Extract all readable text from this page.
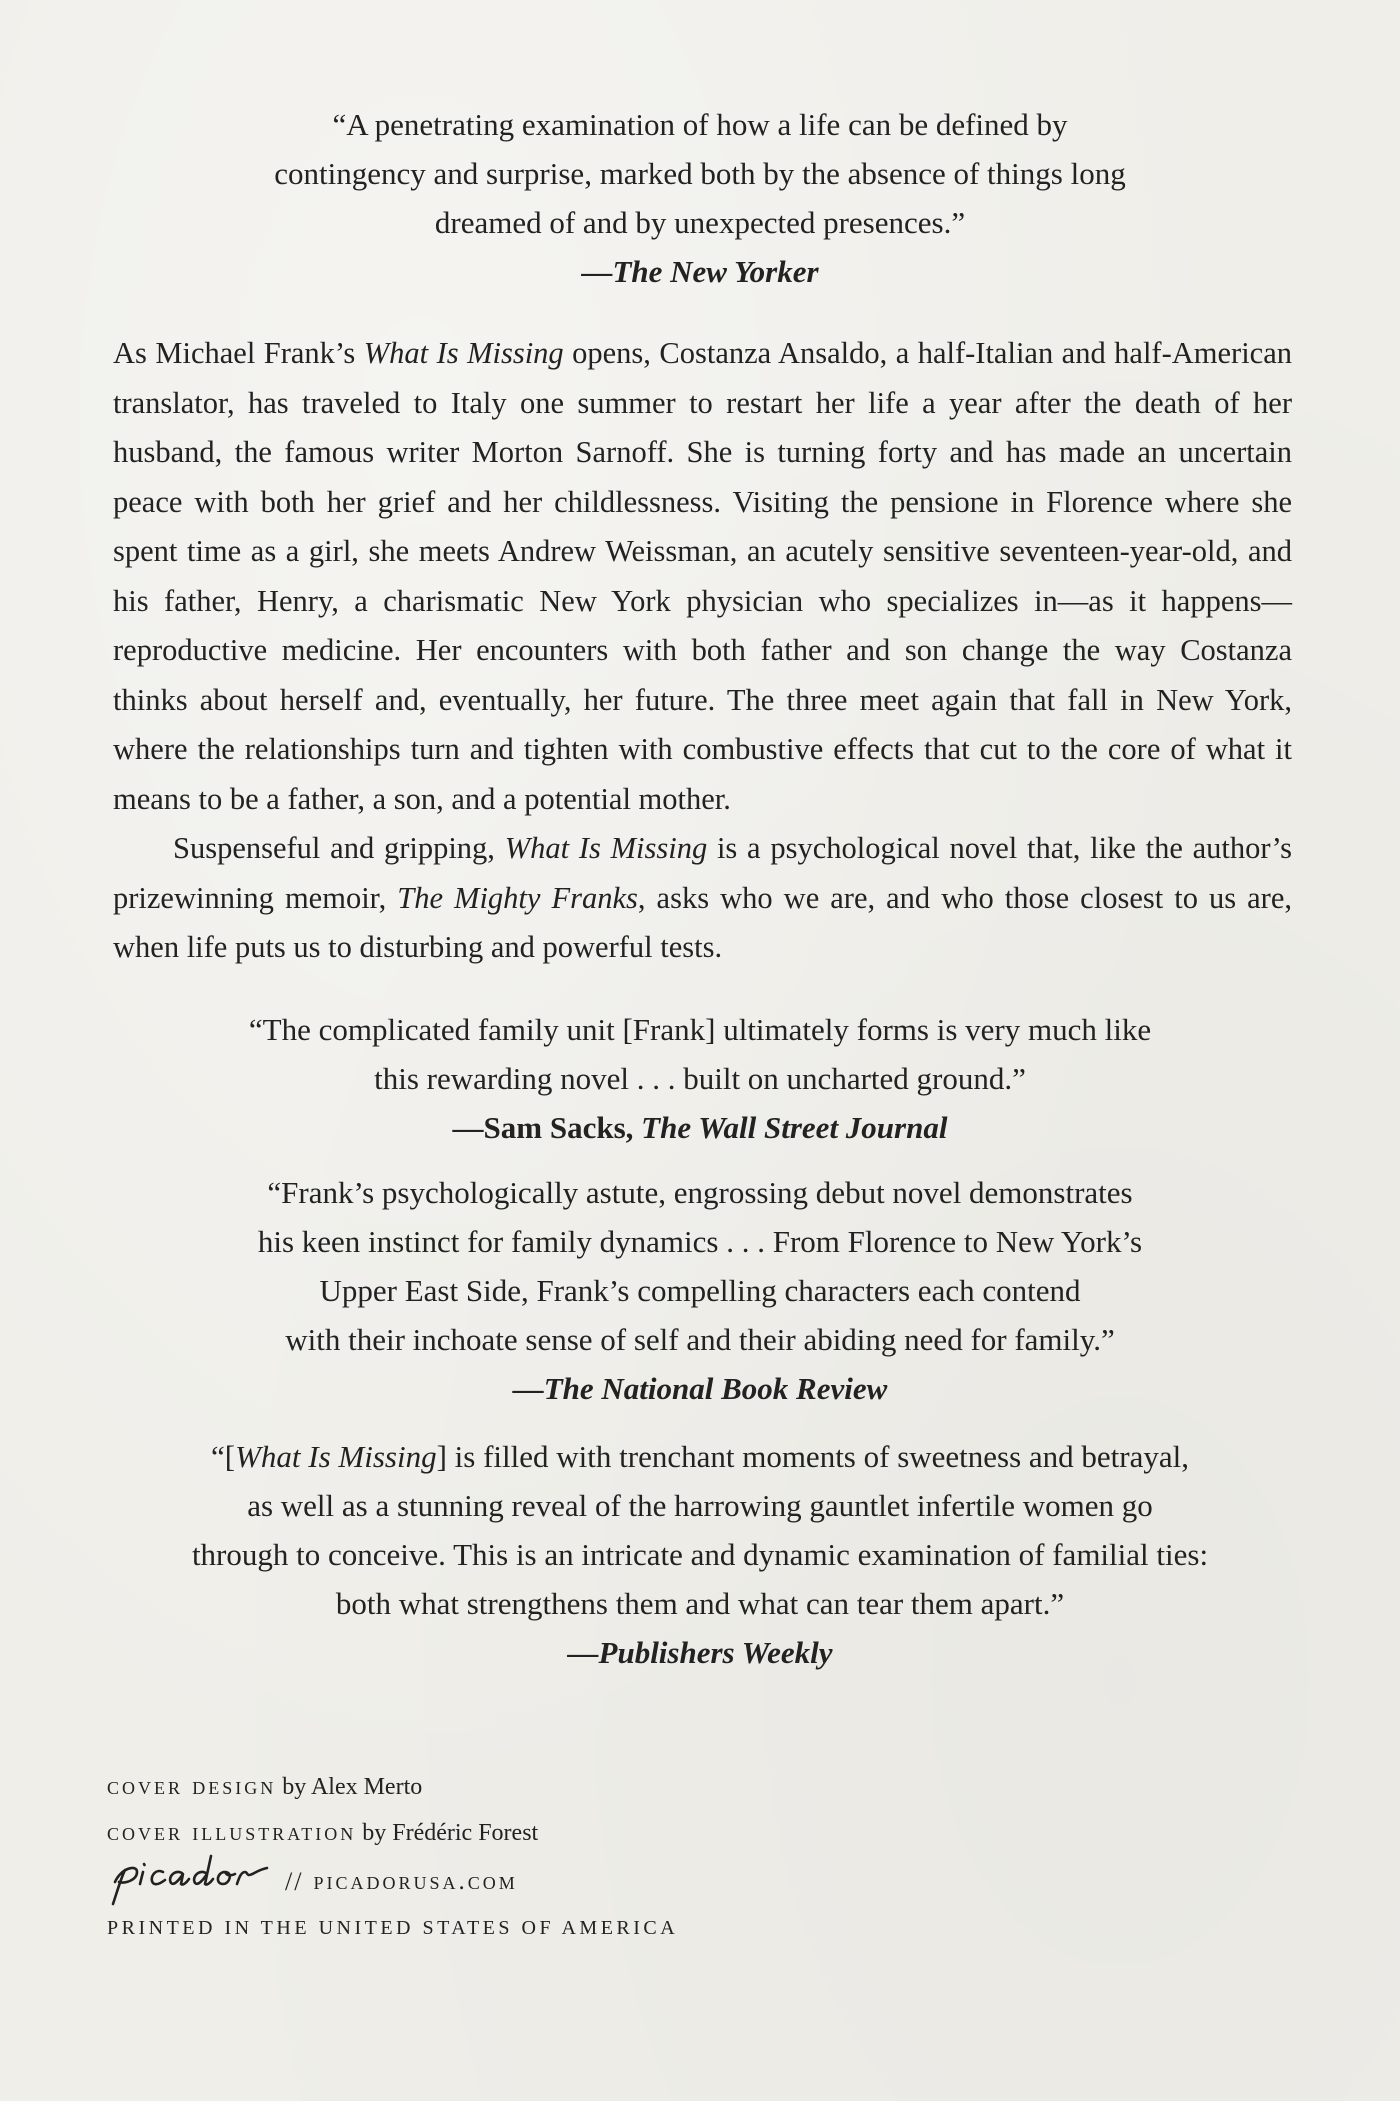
“A penetrating examination of how a life can be defined by
contingency and surprise, marked both by the absence of things long
dreamed of and by unexpected presences.”
—The New Yorker
As Michael Frank’s What Is Missing opens, Costanza Ansaldo, a half-Italian and half-American
translator, has traveled to Italy one summer to restart her life a year after the death of her
husband, the famous writer Morton Sarnoff. She is turning forty and has made an uncertain
peace with both her grief and her childlessness. Visiting the pensione in Florence where she
spent time as a girl, she meets Andrew Weissman, an acutely sensitive seventeen-year-old, and
his father, Henry, a charismatic New York physician who specializes in—as it happens—
reproductive medicine. Her encounters with both father and son change the way Costanza
thinks about herself and, eventually, her future. The three meet again that fall in New York,
where the relationships turn and tighten with combustive effects that cut to the core of what it
means to be a father, a son, and a potential mother.
Suspenseful and gripping, What Is Missing is a psychological novel that, like the author’s
prizewinning memoir, The Mighty Franks, asks who we are, and who those closest to us are,
when life puts us to disturbing and powerful tests.
“The complicated family unit [Frank] ultimately forms is very much like
this rewarding novel . . . built on uncharted ground.”
—Sam Sacks, The Wall Street Journal
“Frank’s psychologically astute, engrossing debut novel demonstrates
his keen instinct for family dynamics . . . From Florence to New York’s
Upper East Side, Frank’s compelling characters each contend
with their inchoate sense of self and their abiding need for family.”
—The National Book Review
“[What Is Missing] is filled with trenchant moments of sweetness and betrayal,
as well as a stunning reveal of the harrowing gauntlet infertile women go
through to conceive. This is an intricate and dynamic examination of familial ties:
both what strengthens them and what can tear them apart.”
—Publishers Weekly
cover design by Alex Merto
cover illustration by Frédéric Forest
// picadorusa.com
PRINTED IN THE UNITED STATES OF AMERICA
